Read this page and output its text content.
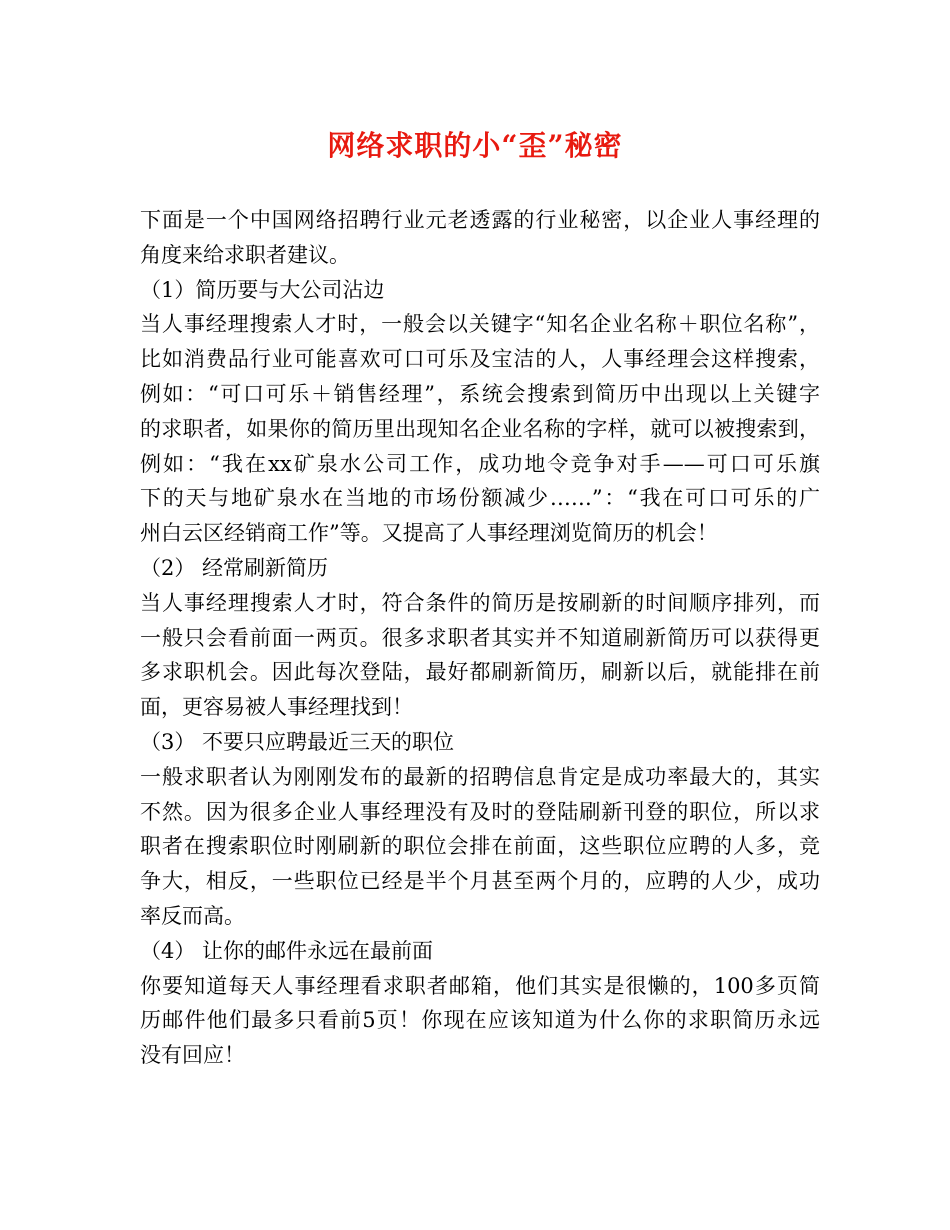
网络求职的小“歪”秘密
下面是一个中国网络招聘行业元老透露的行业秘密，以企业人事经理的
角度来给求职者建议。
（1）简历要与大公司沾边
当人事经理搜索人才时，一般会以关键字“知名企业名称＋职位名称”，
比如消费品行业可能喜欢可口可乐及宝洁的人，人事经理会这样搜索，
例如：“可口可乐＋销售经理”，系统会搜索到简历中出现以上关键字
的求职者，如果你的简历里出现知名企业名称的字样，就可以被搜索到，
例如：“我在xx矿泉水公司工作，成功地令竞争对手——可口可乐旗
下的天与地矿泉水在当地的市场份额减少……”：“我在可口可乐的广
州白云区经销商工作”等。又提高了人事经理浏览简历的机会！
（2） 经常刷新简历
当人事经理搜索人才时，符合条件的简历是按刷新的时间顺序排列，而
一般只会看前面一两页。很多求职者其实并不知道刷新简历可以获得更
多求职机会。因此每次登陆，最好都刷新简历，刷新以后，就能排在前
面，更容易被人事经理找到！
（3） 不要只应聘最近三天的职位
一般求职者认为刚刚发布的最新的招聘信息肯定是成功率最大的，其实
不然。因为很多企业人事经理没有及时的登陆刷新刊登的职位，所以求
职者在搜索职位时刚刷新的职位会排在前面，这些职位应聘的人多，竞
争大，相反，一些职位已经是半个月甚至两个月的，应聘的人少，成功
率反而高。
（4） 让你的邮件永远在最前面
你要知道每天人事经理看求职者邮箱，他们其实是很懒的，100多页简
历邮件他们最多只看前5页！你现在应该知道为什么你的求职简历永远
没有回应！
